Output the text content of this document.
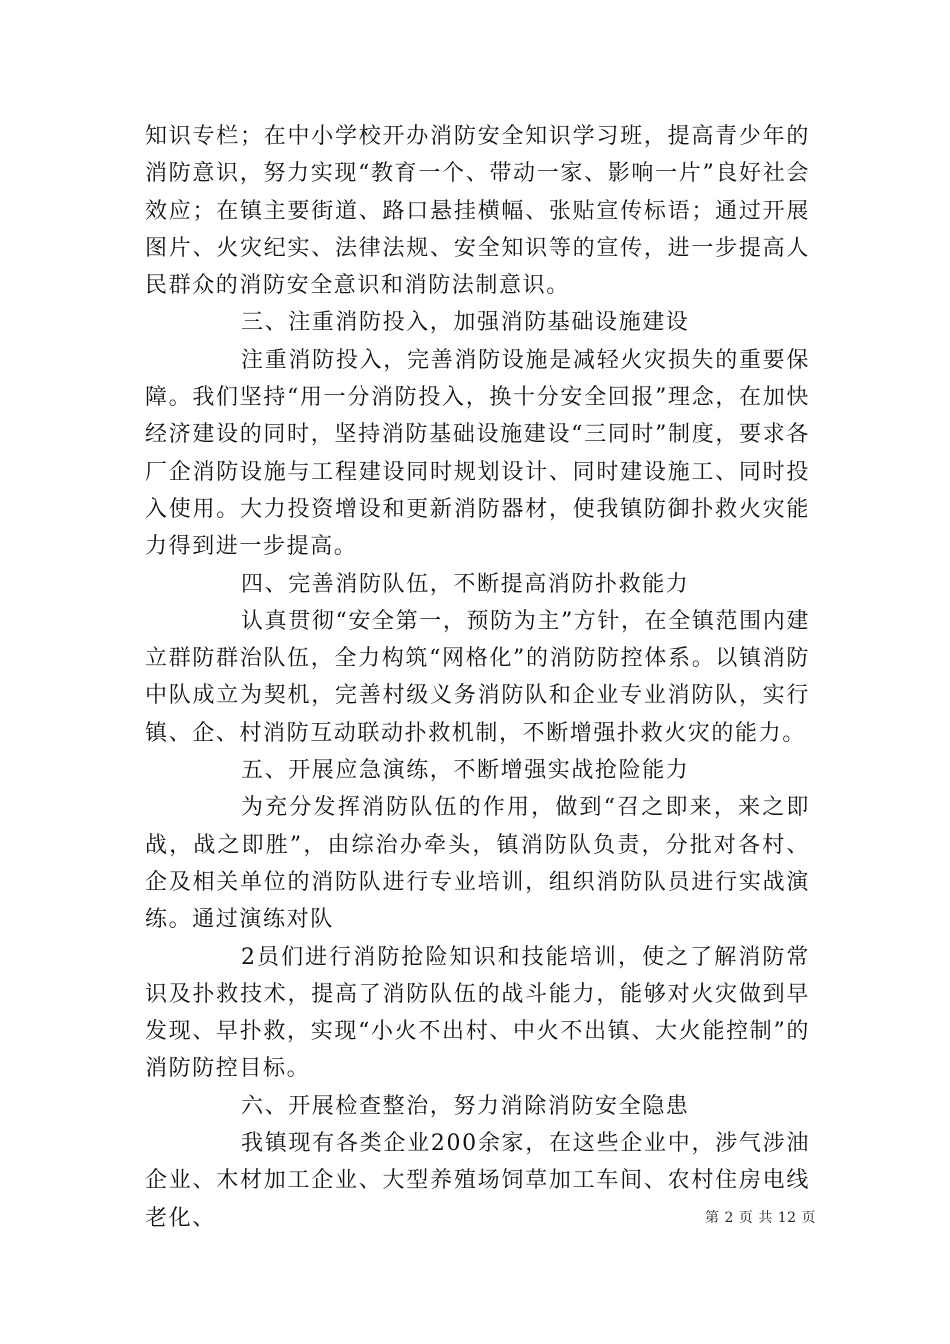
知识专栏；在中小学校开办消防安全知识学习班，提高青少年的消防意识，努力实现“教育一个、带动一家、影响一片”良好社会效应；在镇主要街道、路口悬挂横幅、张贴宣传标语；通过开展图片、火灾纪实、法律法规、安全知识等的宣传，进一步提高人民群众的消防安全意识和消防法制意识。

三、注重消防投入，加强消防基础设施建设

注重消防投入，完善消防设施是减轻火灾损失的重要保障。我们坚持“用一分消防投入，换十分安全回报”理念，在加快经济建设的同时，坚持消防基础设施建设“三同时”制度，要求各厂企消防设施与工程建设同时规划设计、同时建设施工、同时投入使用。大力投资增设和更新消防器材，使我镇防御扑救火灾能力得到进一步提高。

四、完善消防队伍，不断提高消防扑救能力

认真贯彻“安全第一，预防为主”方针，在全镇范围内建立群防群治队伍，全力构筑“网格化”的消防防控体系。以镇消防中队成立为契机，完善村级义务消防队和企业专业消防队，实行镇、企、村消防互动联动扑救机制，不断增强扑救火灾的能力。

五、开展应急演练，不断增强实战抢险能力

为充分发挥消防队伍的作用，做到“召之即来，来之即战，战之即胜”，由综治办牵头，镇消防队负责，分批对各村、企及相关单位的消防队进行专业培训，组织消防队员进行实战演练。通过演练对队

2员们进行消防抢险知识和技能培训，使之了解消防常识及扑救技术，提高了消防队伍的战斗能力，能够对火灾做到早发现、早扑救，实现“小火不出村、中火不出镇、大火能控制”的消防防控目标。

六、开展检查整治，努力消除消防安全隐患

我镇现有各类企业200余家，在这些企业中，涉气涉油企业、木材加工企业、大型养殖场饲草加工车间、农村住房电线老化、	第 2 页 共 12 页
